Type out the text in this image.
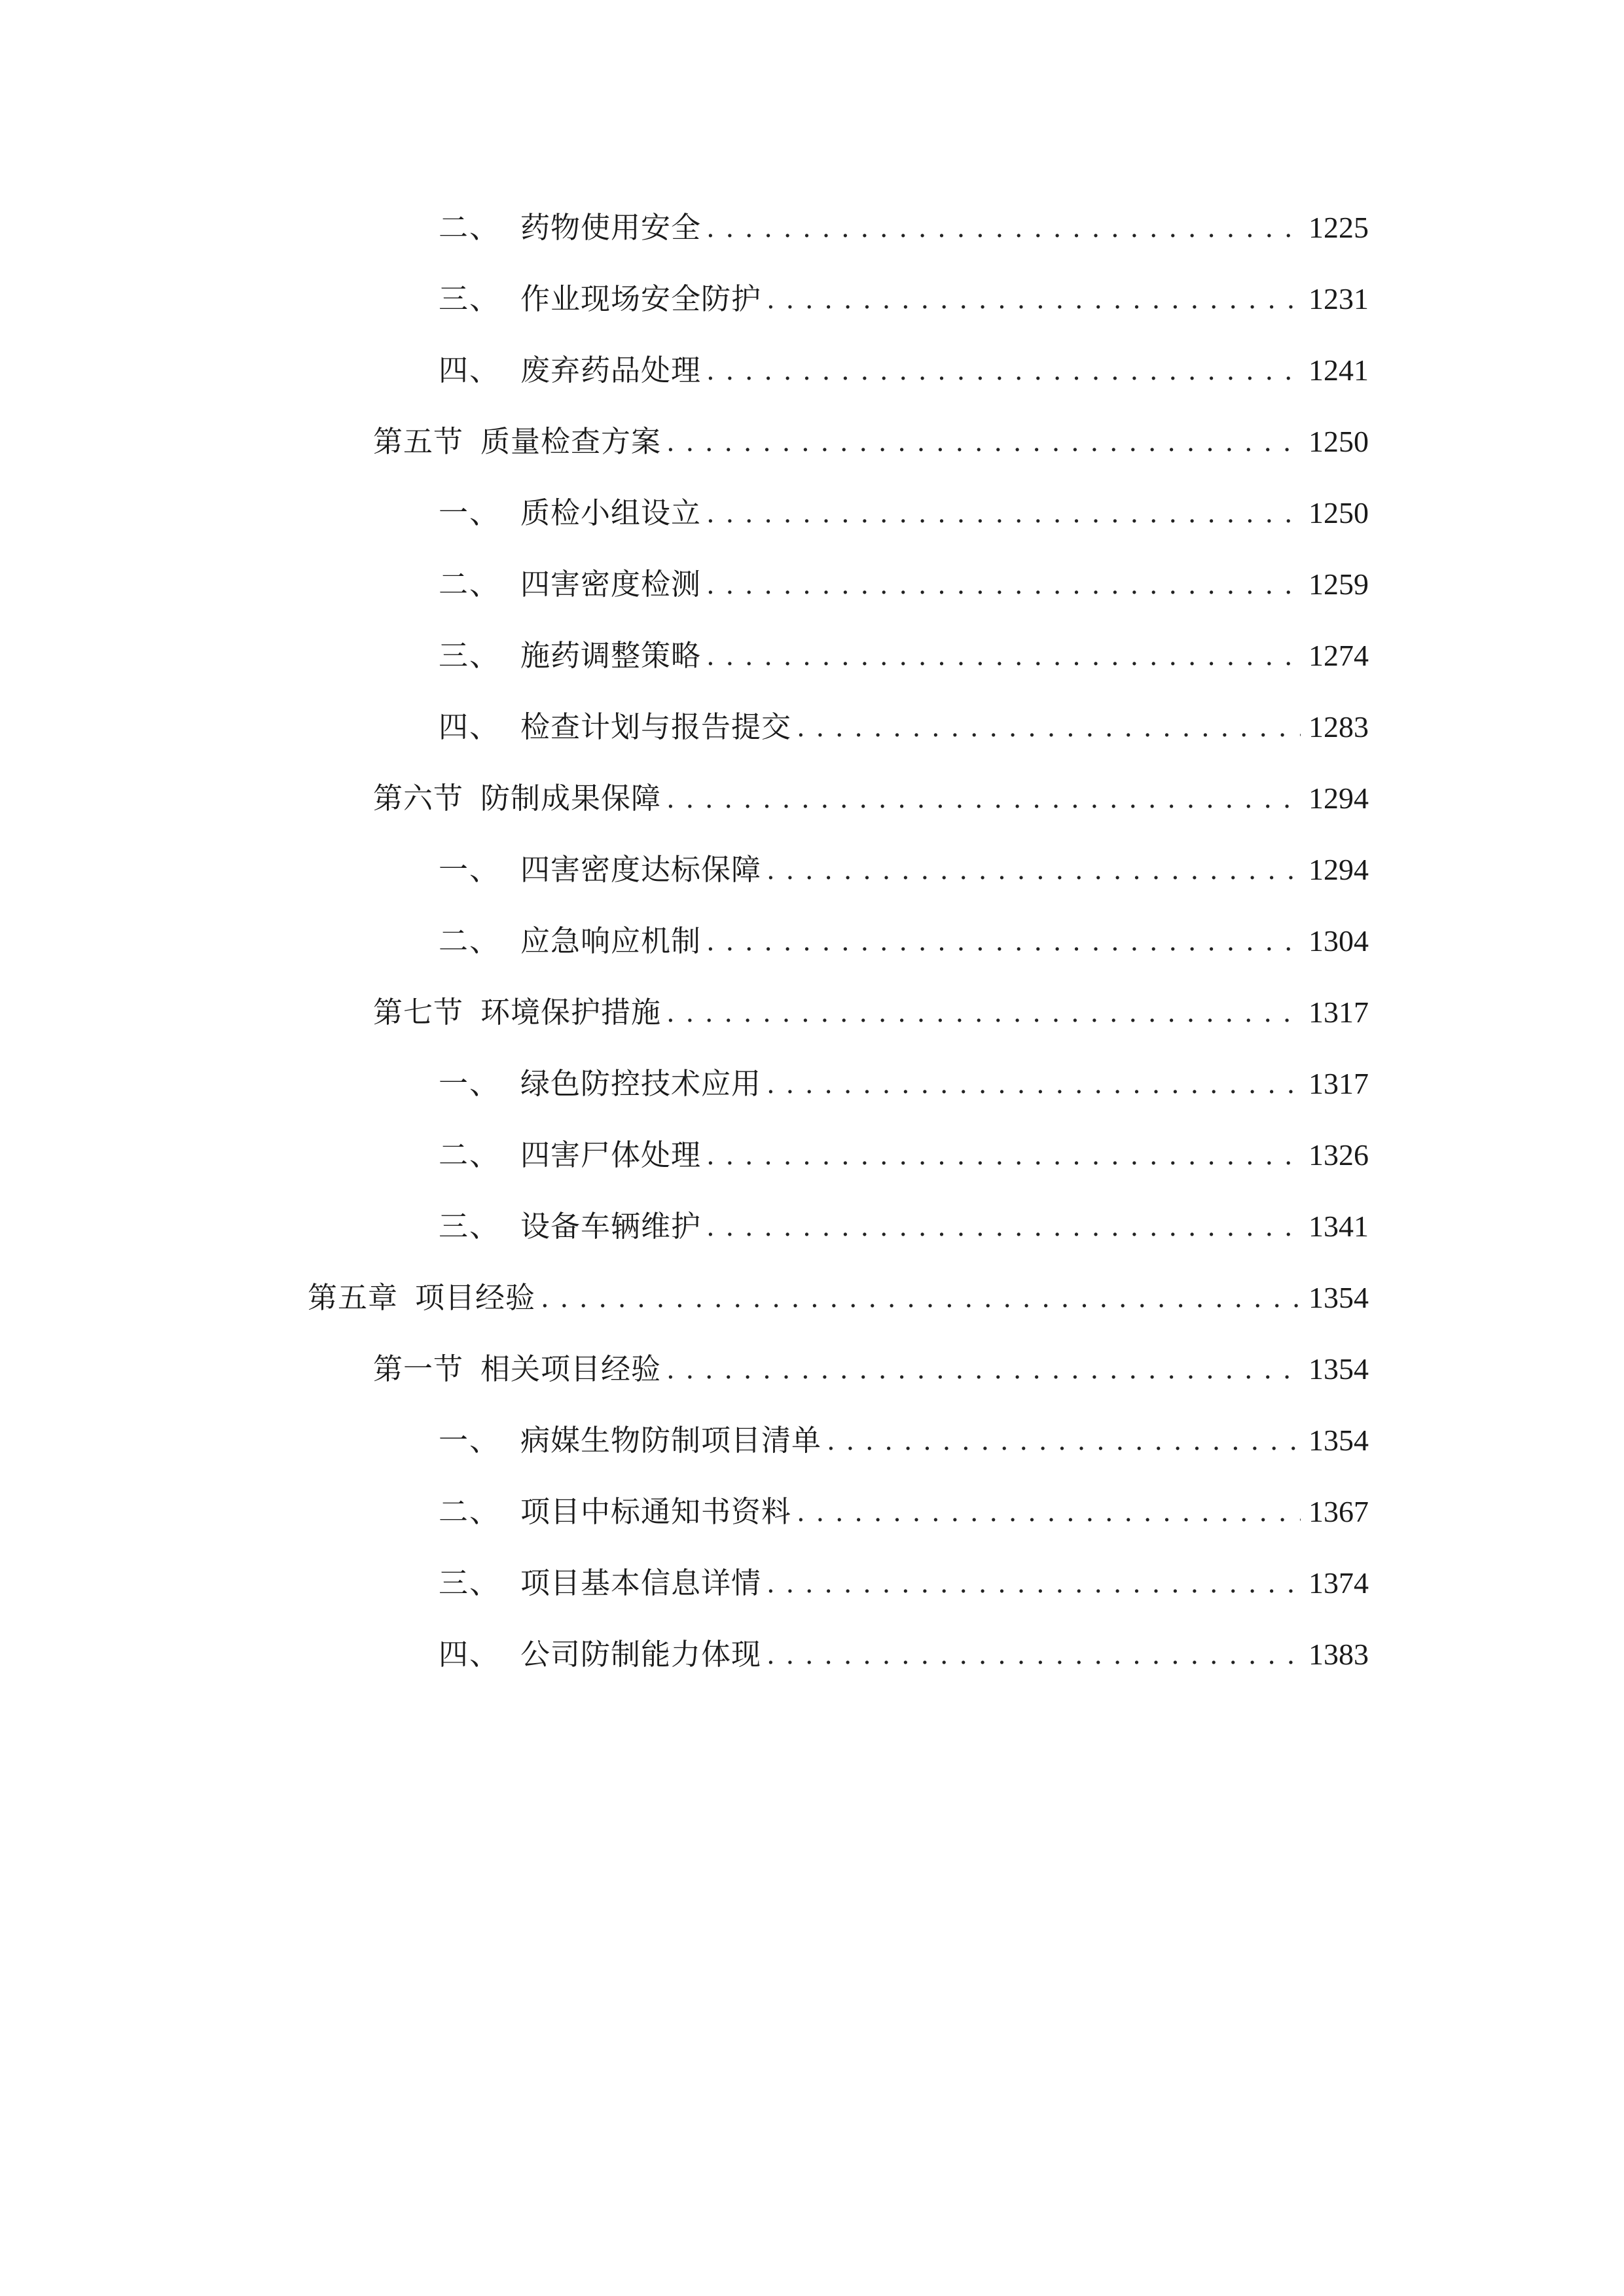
二、 药物使用安全 . . .	1225
三、 作业现场安全防护 . . .	1231
四、 废弃药品处理 . . .	1241
第五节 质量检查方案 . . .	1250
一、 质检小组设立 . . .	1250
二、 四害密度检测 . . .	1259
三、 施药调整策略 . . .	1274
四、 检查计划与报告提交 . . .	1283
第六节 防制成果保障 . . .	1294
一、 四害密度达标保障 . . .	1294
二、 应急响应机制 . . .	1304
第七节 环境保护措施 . . .	1317
一、 绿色防控技术应用 . . .	1317
二、 四害尸体处理 . . .	1326
三、 设备车辆维护 . . .	1341
第五章 项目经验 . . .	1354
第一节 相关项目经验 . . .	1354
一、 病媒生物防制项目清单 . . .	1354
二、 项目中标通知书资料 . . .	1367
三、 项目基本信息详情 . . .	1374
四、 公司防制能力体现 . . .	1383
